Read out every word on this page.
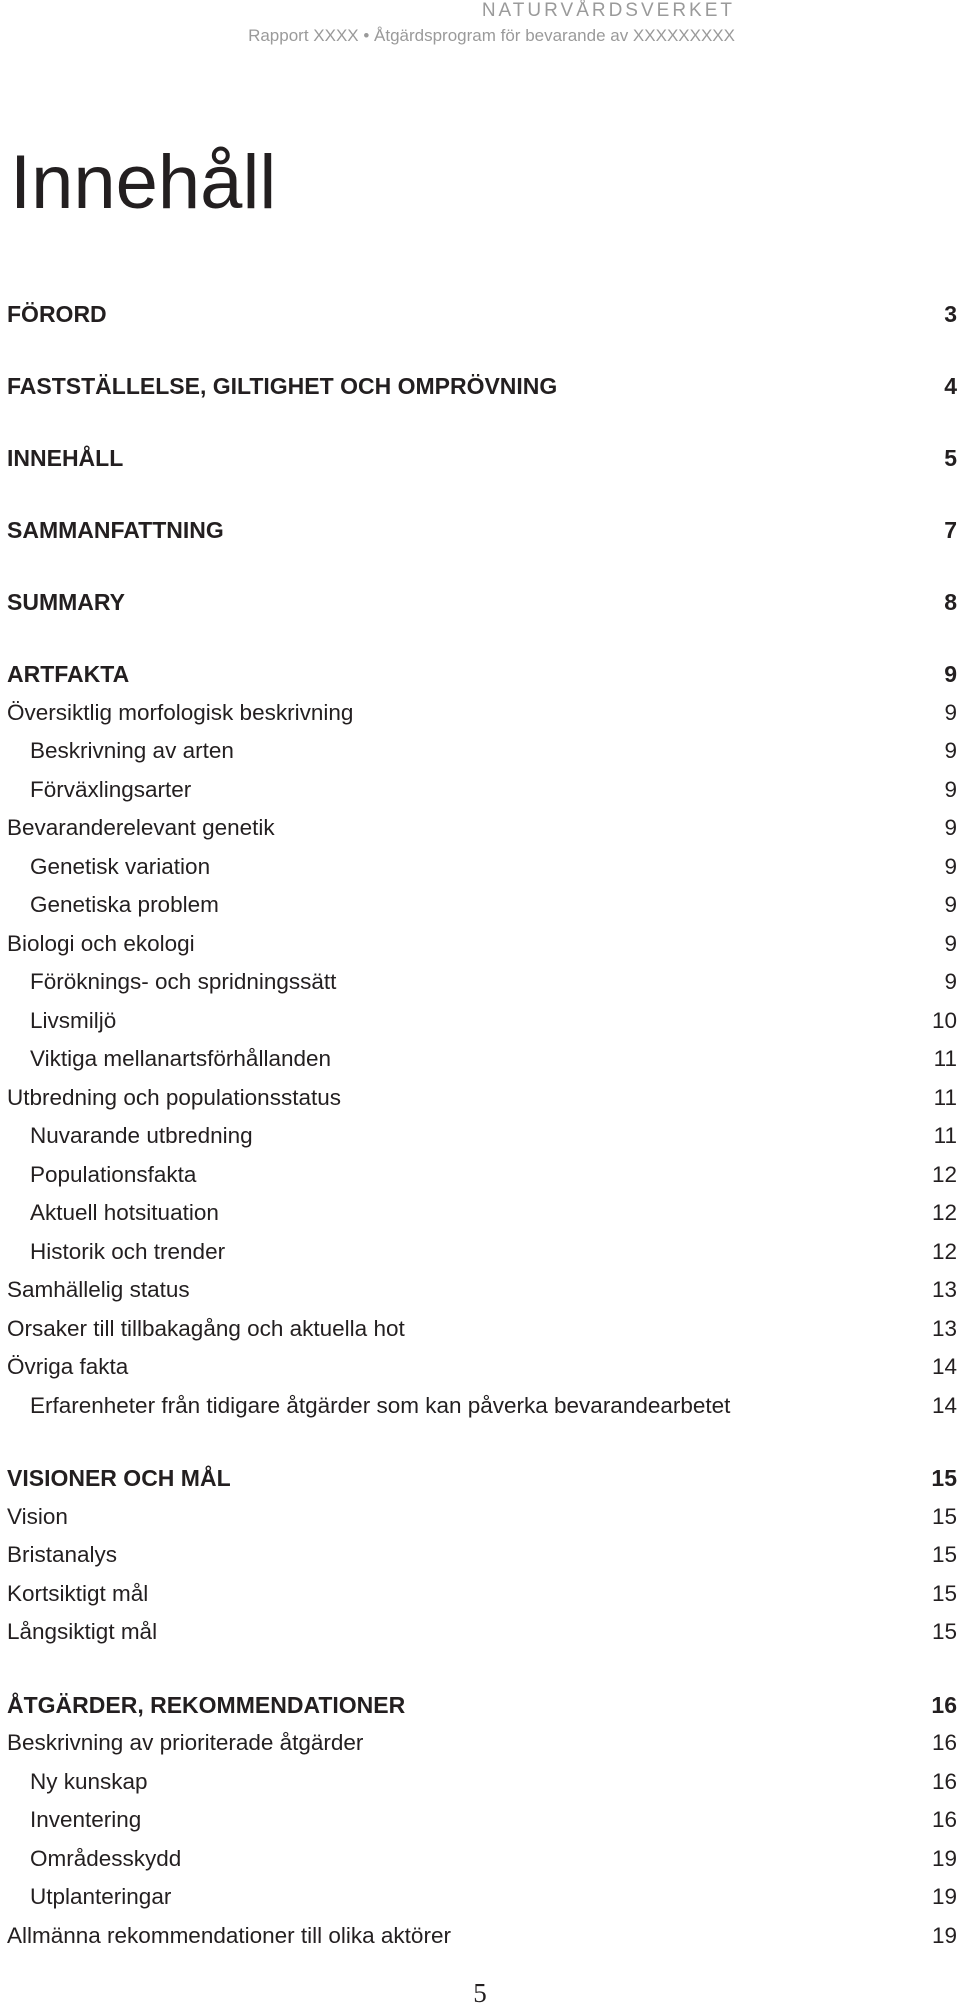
NATURVÅRDSVERKET
Rapport XXXX • Åtgärdsprogram för bevarande av XXXXXXXXX
Innehåll
FÖRORD	3
FASTSTÄLLELSE, GILTIGHET OCH OMPRÖVNING	4
INNEHÅLL	5
SAMMANFATTNING	7
SUMMARY	8
ARTFAKTA	9
Översiktlig morfologisk beskrivning	9
Beskrivning av arten	9
Förväxlingsarter	9
Bevaranderelevant genetik	9
Genetisk variation	9
Genetiska problem	9
Biologi och ekologi	9
Föröknings- och spridningssätt	9
Livsmiljö	10
Viktiga mellanartsförhållanden	11
Utbredning och populationsstatus	11
Nuvarande utbredning	11
Populationsfakta	12
Aktuell hotsituation	12
Historik och trender	12
Samhällelig status	13
Orsaker till tillbakagång och aktuella hot	13
Övriga fakta	14
Erfarenheter från tidigare åtgärder som kan påverka bevarandearbetet	14
VISIONER OCH MÅL	15
Vision	15
Bristanalys	15
Kortsiktigt mål	15
Långsiktigt mål	15
ÅTGÄRDER, REKOMMENDATIONER	16
Beskrivning av prioriterade åtgärder	16
Ny kunskap	16
Inventering	16
Områdesskydd	19
Utplanteringar	19
Allmänna rekommendationer till olika aktörer	19
5
